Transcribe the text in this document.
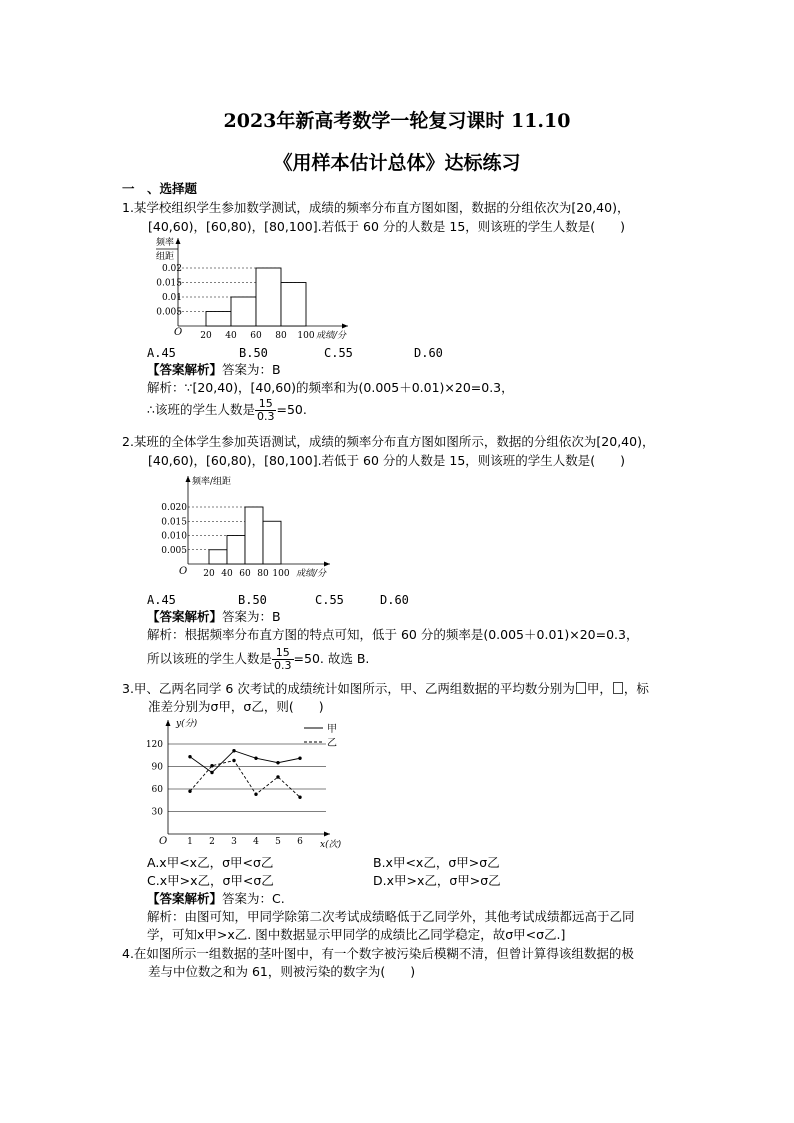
2023年新高考数学一轮复习课时 11.10
《用样本估计总体》达标练习
一　、选择题
1.某学校组织学生参加数学测试，成绩的频率分布直方图如图，数据的分组依次为[20,40)，
[40,60)，[60,80)，[80,100].若低于 60 分的人数是 15，则该班的学生人数是(　　)
频率
组距
0.005
0.01
0.015
0.02
20 40 60 80 100
O	成绩/分
A.45	B.50	C.55	D.60
【答案解析】答案为：B
解析：∵[20,40)，[40,60)的频率和为(0.005＋0.01)×20=0.3，
∴该班的学生人数是 $\frac{15}{0.3} =50$.
2.某班的全体学生参加英语测试，成绩的频率分布直方图如图所示，数据的分组依次为[20,40)，
[40,60)，[60,80)，[80,100].若低于 60 分的人数是 15，则该班的学生人数是(　　)
频率/组距
0.005
0.010
0.015
0.020
20 40 60 80 100
O	成绩/分
A.45	B.50	C.55	D.60
【答案解析】答案为：B
解析：根据频率分布直方图的特点可知，低于 60 分的频率是(0.005＋0.01)×20=0.3，
所以该班的学生人数是 $\frac{15}{0.3} =50$. 故选 B.
3.甲、乙两名同学 6 次考试的成绩统计如图所示，甲、乙两组数据的平均数分别为 甲， ，标
准差分别为σ甲，σ乙，则(　　)
y(分)
30
60
90
120
1 2 3 4 5 6
甲
乙
O	x(次)
A.x甲<x乙，σ甲<σ乙	B.x甲<x乙，σ甲>σ乙
C.x甲>x乙，σ甲<σ乙	D.x甲>x乙，σ甲>σ乙
【答案解析】答案为：C.
解析：由图可知，甲同学除第二次考试成绩略低于乙同学外，其他考试成绩都远高于乙同
学，可知x甲>x乙. 图中数据显示甲同学的成绩比乙同学稳定，故σ甲<σ乙.]
4.在如图所示一组数据的茎叶图中，有一个数字被污染后模糊不清，但曾计算得该组数据的极
差与中位数之和为 61，则被污染的数字为(　　)
